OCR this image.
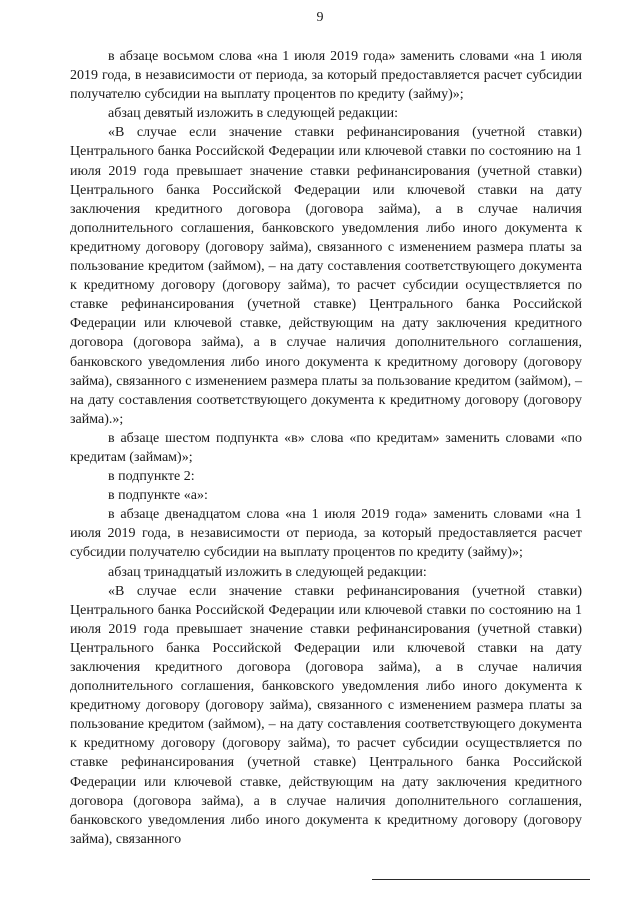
9

в абзаце восьмом слова «на 1 июля 2019 года» заменить словами «на 1 июля 2019 года, в независимости от периода, за который предоставляется расчет субсидии получателю субсидии на выплату процентов по кредиту (займу)»;

абзац девятый изложить в следующей редакции:

«В случае если значение ставки рефинансирования (учетной ставки) Центрального банка Российской Федерации или ключевой ставки по состоянию на 1 июля 2019 года превышает значение ставки рефинансирования (учетной ставки) Центрального банка Российской Федерации или ключевой ставки на дату заключения кредитного договора (договора займа), а в случае наличия дополнительного соглашения, банковского уведомления либо иного документа к кредитному договору (договору займа), связанного с изменением размера платы за пользование кредитом (займом), – на дату составления соответствующего документа к кредитному договору (договору займа), то расчет субсидии осуществляется по ставке рефинансирования (учетной ставке) Центрального банка Российской Федерации или ключевой ставке, действующим на дату заключения кредитного договора (договора займа), а в случае наличия дополнительного соглашения, банковского уведомления либо иного документа к кредитному договору (договору займа), связанного с изменением размера платы за пользование кредитом (займом), – на дату составления соответствующего документа к кредитному договору (договору займа).»;

в абзаце шестом подпункта «в» слова «по кредитам» заменить словами «по кредитам (займам)»;

в подпункте 2:

в подпункте «а»:

в абзаце двенадцатом слова «на 1 июля 2019 года» заменить словами «на 1 июля 2019 года, в независимости от периода, за который предоставляется расчет субсидии получателю субсидии на выплату процентов по кредиту (займу)»;

абзац тринадцатый изложить в следующей редакции:

«В случае если значение ставки рефинансирования (учетной ставки) Центрального банка Российской Федерации или ключевой ставки по состоянию на 1 июля 2019 года превышает значение ставки рефинансирования (учетной ставки) Центрального банка Российской Федерации или ключевой ставки на дату заключения кредитного договора (договора займа), а в случае наличия дополнительного соглашения, банковского уведомления либо иного документа к кредитному договору (договору займа), связанного с изменением размера платы за пользование кредитом (займом), – на дату составления соответствующего документа к кредитному договору (договору займа), то расчет субсидии осуществляется по ставке рефинансирования (учетной ставке) Центрального банка Российской Федерации или ключевой ставке, действующим на дату заключения кредитного договора (договора займа), а в случае наличия дополнительного соглашения, банковского уведомления либо иного документа к кредитному договору (договору займа), связанного
